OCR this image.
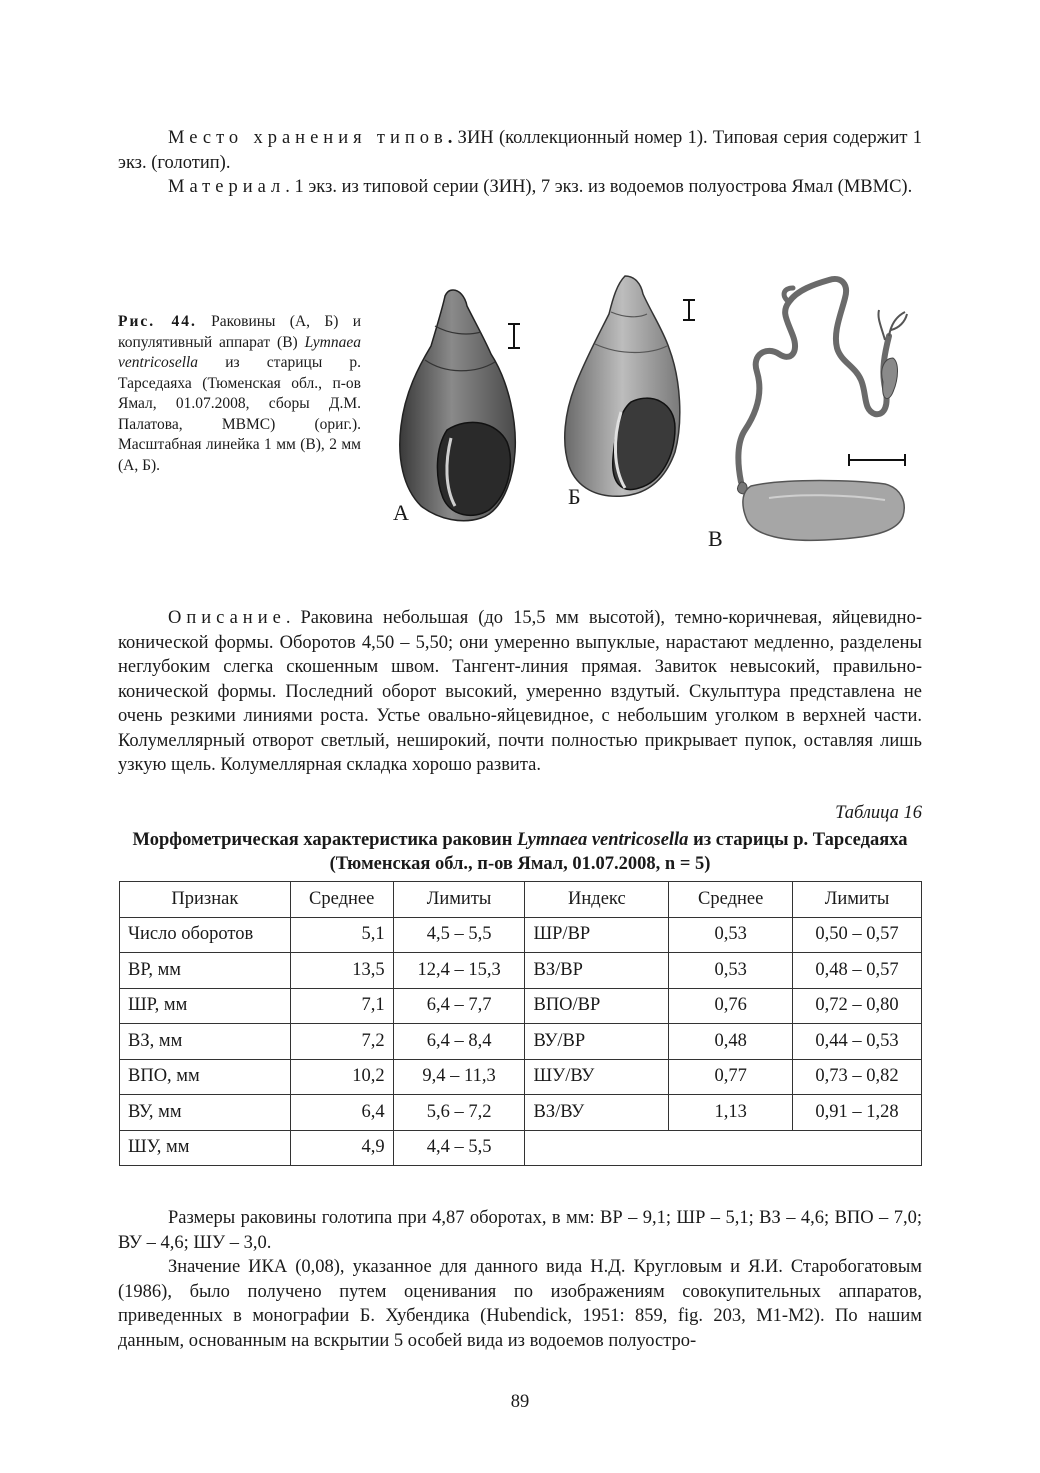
Место хранения типов. ЗИН (коллекционный номер 1). Типовая серия содержит 1 экз. (голотип).

Материал. 1 экз. из типовой серии (ЗИН), 7 экз. из водоемов полуострова Ямал (МВМС).

Рис. 44. Раковины (А, Б) и копулятивный аппарат (В) Lymnaea ventricosella из старицы р. Тарседаяха (Тюменская обл., п-ов Ямал, 01.07.2008, сборы Д.М. Палатова, МВМС) (ориг.). Масштабная линейка 1 мм (В), 2 мм (А, Б).

А
Б
В

Описание. Раковина небольшая (до 15,5 мм высотой), темно-коричневая, яйцевидно-конической формы. Оборотов 4,50 – 5,50; они умеренно выпуклые, нарастают медленно, разделены неглубоким слегка скошенным швом. Тангент-линия прямая. Завиток невысокий, правильно-конической формы. Последний оборот высокий, умеренно вздутый. Скульптура представлена не очень резкими линиями роста. Устье овально-яйцевидное, с небольшим уголком в верхней части. Колумеллярный отворот светлый, неширокий, почти полностью прикрывает пупок, оставляя лишь узкую щель. Колумеллярная складка хорошо развита.

Таблица 16

Морфометрическая характеристика раковин Lymnaea ventricosella из старицы р. Тарседаяха (Тюменская обл., п-ов Ямал, 01.07.2008, n = 5)

Признак	Среднее	Лимиты	Индекс	Среднее	Лимиты
Число оборотов	5,1	4,5 – 5,5	ШР/ВР	0,53	0,50 – 0,57
ВР, мм	13,5	12,4 – 15,3	ВЗ/ВР	0,53	0,48 – 0,57
ШР, мм	7,1	6,4 – 7,7	ВПО/ВР	0,76	0,72 – 0,80
ВЗ, мм	7,2	6,4 – 8,4	ВУ/ВР	0,48	0,44 – 0,53
ВПО, мм	10,2	9,4 – 11,3	ШУ/ВУ	0,77	0,73 – 0,82
ВУ, мм	6,4	5,6 – 7,2	ВЗ/ВУ	1,13	0,91 – 1,28
ШУ, мм	4,9	4,4 – 5,5			

Размеры раковины голотипа при 4,87 оборотах, в мм: ВР – 9,1; ШР – 5,1; ВЗ – 4,6; ВПО – 7,0; ВУ – 4,6; ШУ – 3,0.

Значение ИКА (0,08), указанное для данного вида Н.Д. Кругловым и Я.И. Старобогатовым (1986), было получено путем оценивания по изображениям совокупительных аппаратов, приведенных в монографии Б. Хубендика (Hubendick, 1951: 859, fig. 203, M1-M2). По нашим данным, основанным на вскрытии 5 особей вида из водоемов полуостро-

89
